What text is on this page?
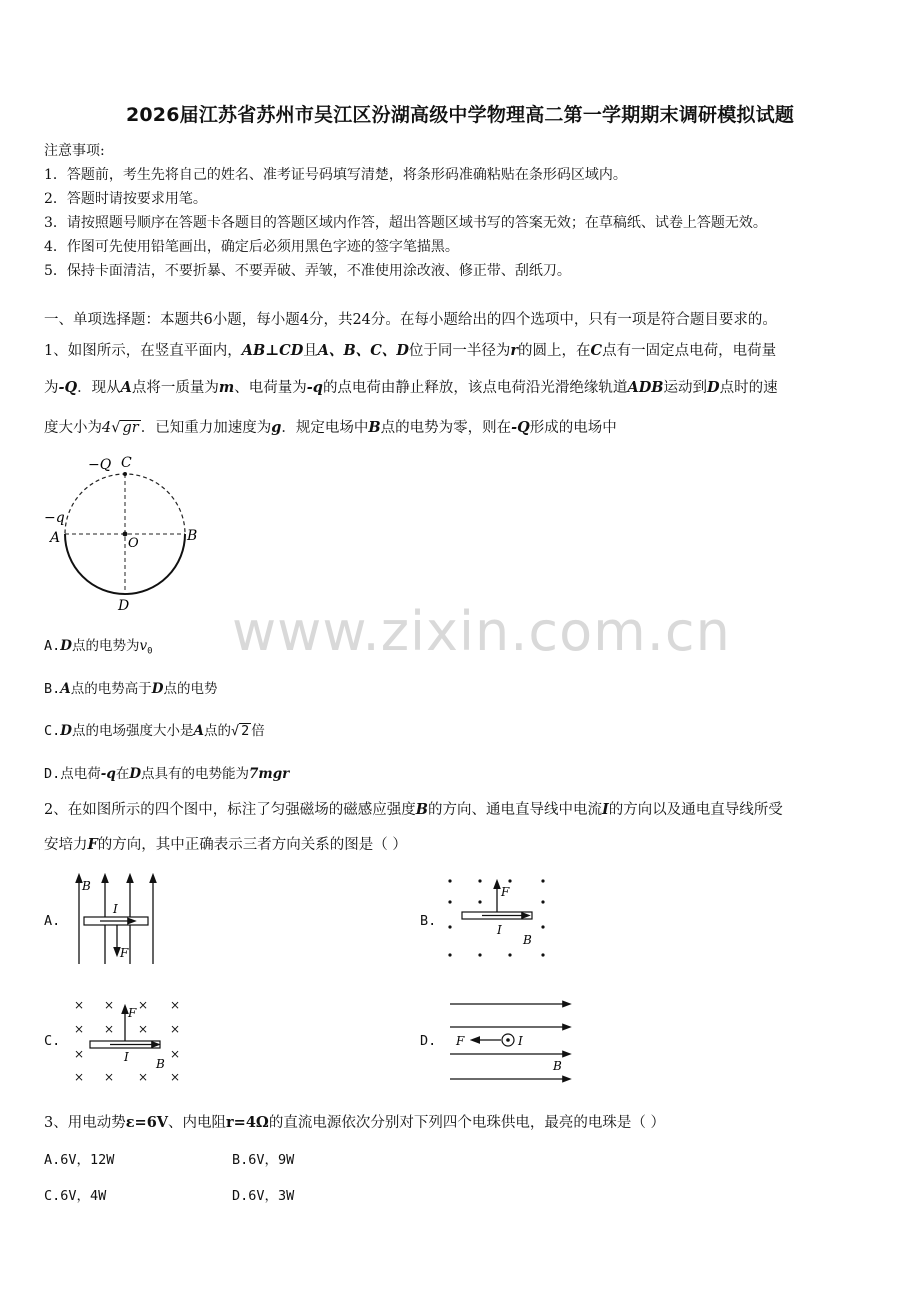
2026届江苏省苏州市吴江区汾湖高级中学物理高二第一学期期末调研模拟试题
注意事项:
1．答题前，考生先将自己的姓名、准考证号码填写清楚，将条形码准确粘贴在条形码区域内。
2．答题时请按要求用笔。
3．请按照题号顺序在答题卡各题目的答题区域内作答，超出答题区域书写的答案无效；在草稿纸、试卷上答题无效。
4．作图可先使用铅笔画出，确定后必须用黑色字迹的签字笔描黑。
5．保持卡面清洁，不要折暴、不要弄破、弄皱，不准使用涂改液、修正带、刮纸刀。
一、单项选择题：本题共6小题，每小题4分，共24分。在每小题给出的四个选项中，只有一项是符合题目要求的。
1、如图所示，在竖直平面内，AB⊥CD且A、B、C、D位于同一半径为r的圆上，在C点有一固定点电荷，电荷量
为-Q．现从A点将一质量为m、电荷量为-q的点电荷由静止释放，该点电荷沿光滑绝缘轨道ADB运动到D点时的速
度大小为4√ gr ．已知重力加速度为g．规定电场中B点的电势为零，则在-Q形成的电场中
−Q C
−q
A	O	B
D www.zixin.com.cn
A.D点的电势为$v_0$
B.A点的电势高于D点的电势
C.D点的电场强度大小是A点的√ 2 倍
D.点电荷-q在D点具有的电势能为7mgr
2、在如图所示的四个图中，标注了匀强磁场的磁感应强度B的方向、通电直导线中电流I的方向以及通电直导线所受
安培力F的方向，其中正确表示三者方向关系的图是（ ）
A.
B
I
F
B.
F
I
B
C.
× × × ×
× × × ×
×	×
× × × ×
F
I B
D. F	I
B
3、用电动势ε=6V、内电阻r=4Ω的直流电源依次分别对下列四个电珠供电，最亮的电珠是（ ）
A.6V，12W	B.6V，9W
C.6V，4W	D.6V，3W
